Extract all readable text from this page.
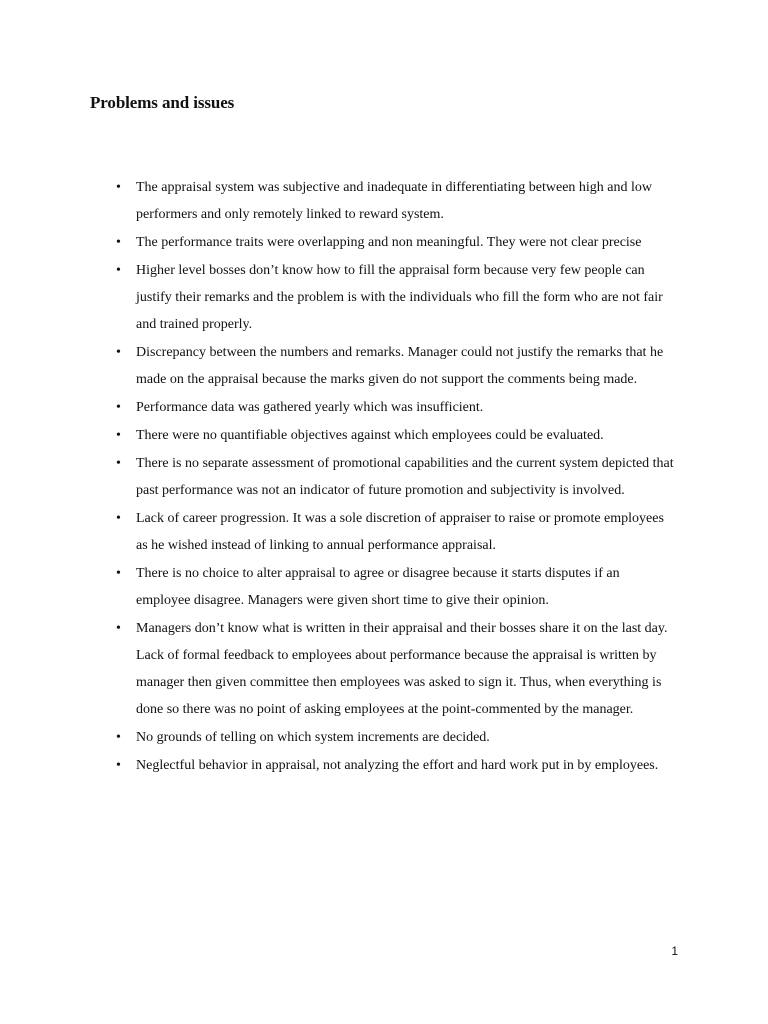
Problems and issues
• The appraisal system was subjective and inadequate in differentiating between high and low performers and only remotely linked to reward system.
• The performance traits were overlapping and non meaningful. They were not clear precise
• Higher level bosses don’t know how to fill the appraisal form because very few people can justify their remarks and the problem is with the individuals who fill the form who are not fair and trained properly.
• Discrepancy between the numbers and remarks. Manager could not justify the remarks that he made on the appraisal because the marks given do not support the comments being made.
• Performance data was gathered yearly which was insufficient.
• There were no quantifiable objectives against which employees could be evaluated.
• There is no separate assessment of promotional capabilities and the current system depicted that past performance was not an indicator of future promotion and subjectivity is involved.
• Lack of career progression. It was a sole discretion of appraiser to raise or promote employees as he wished instead of linking to annual performance appraisal.
• There is no choice to alter appraisal to agree or disagree because it starts disputes if an employee disagree. Managers were given short time to give their opinion.
• Managers don’t know what is written in their appraisal and their bosses share it on the last day. Lack of formal feedback to employees about performance because the appraisal is written by manager then given committee then employees was asked to sign it. Thus, when everything is done so there was no point of asking employees at the point-commented by the manager.
• No grounds of telling on which system increments are decided.
• Neglectful behavior in appraisal, not analyzing the effort and hard work put in by employees.
1
